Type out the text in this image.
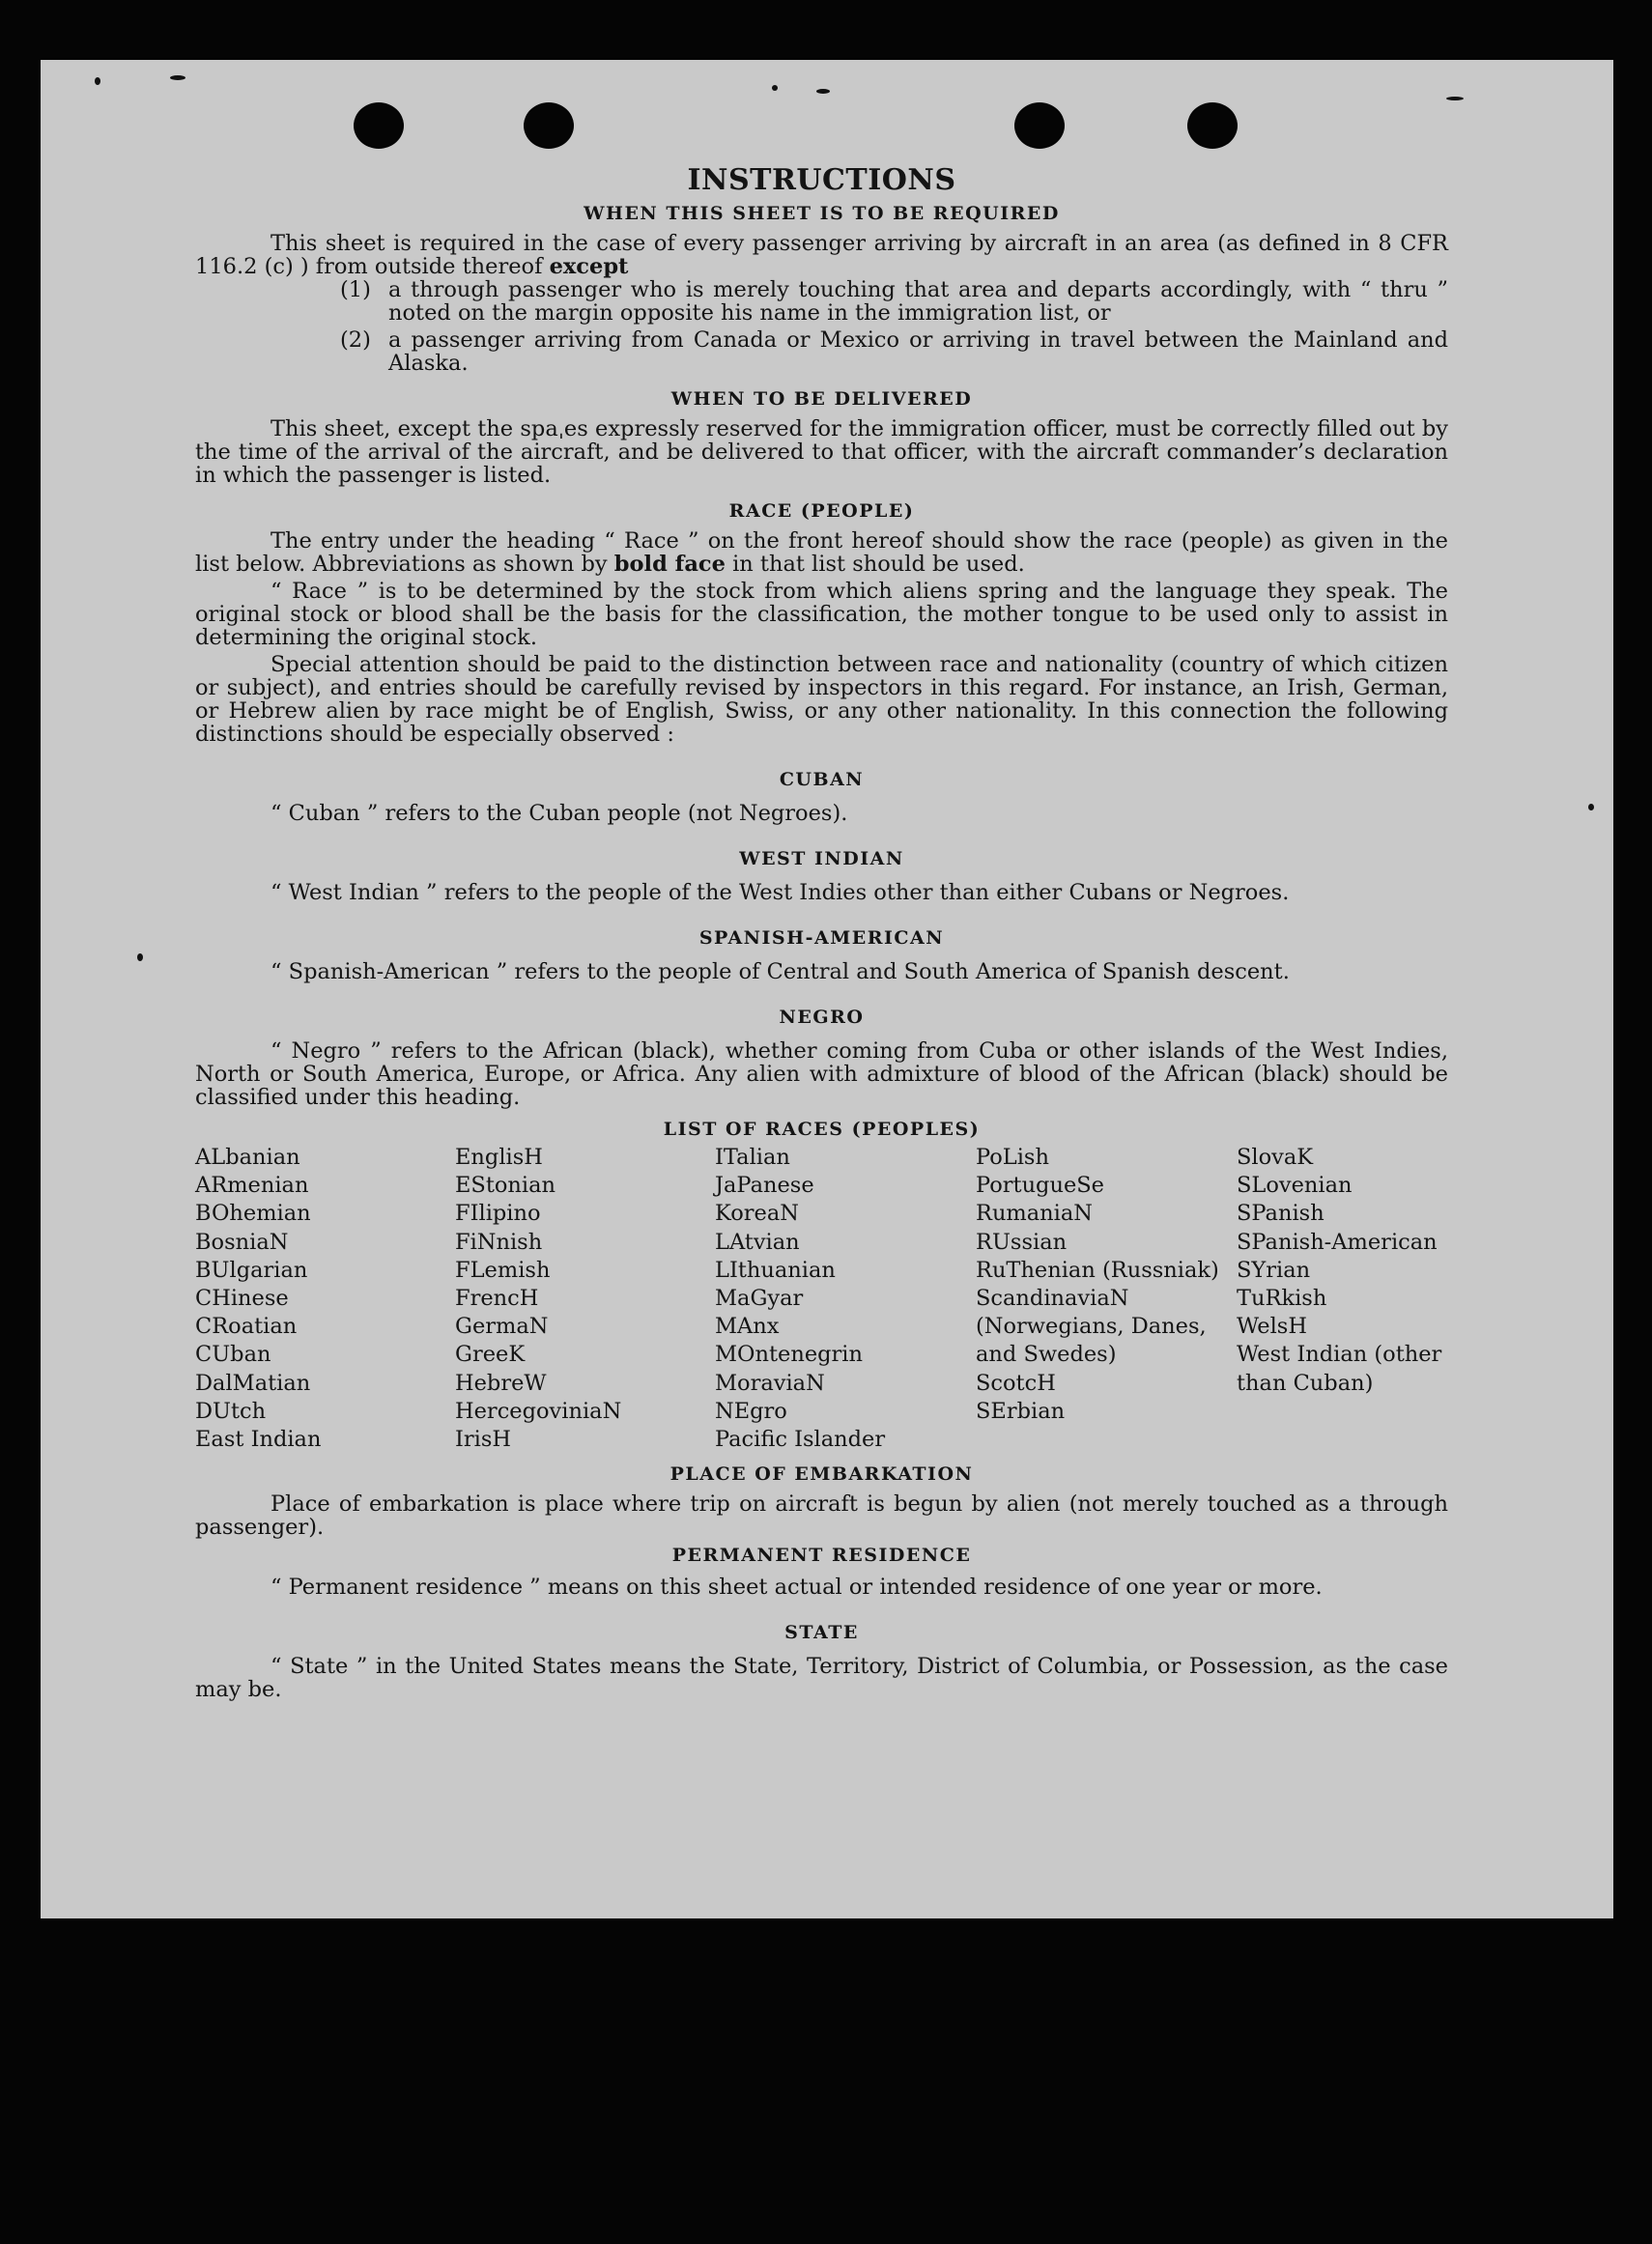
INSTRUCTIONS
WHEN THIS SHEET IS TO BE REQUIRED

This sheet is required in the case of every passenger arriving by aircraft in an area (as defined in 8 CFR 116.2 (c) ) from outside thereof except

(1) a through passenger who is merely touching that area and departs accordingly, with “ thru ” noted on the margin opposite his name in the immigration list, or
(2) a passenger arriving from Canada or Mexico or arriving in travel between the Mainland and Alaska.
WHEN TO BE DELIVERED

This sheet, except the spaˌes expressly reserved for the immigration officer, must be correctly filled out by the time of the arrival of the aircraft, and be delivered to that officer, with the aircraft commander’s declaration in which the passenger is listed.

RACE (PEOPLE)

The entry under the heading “ Race ” on the front hereof should show the race (people) as given in the list below. Abbreviations as shown by bold face in that list should be used.

“ Race ” is to be determined by the stock from which aliens spring and the language they speak. The original stock or blood shall be the basis for the classification, the mother tongue to be used only to assist in determining the original stock.

Special attention should be paid to the distinction between race and nationality (country of which citizen or subject), and entries should be carefully revised by inspectors in this regard. For instance, an Irish, German, or Hebrew alien by race might be of English, Swiss, or any other nationality. In this connection the following distinctions should be especially observed :

CUBAN

“ Cuban ” refers to the Cuban people (not Negroes).

WEST INDIAN

“ West Indian ” refers to the people of the West Indies other than either Cubans or Negroes.

SPANISH-AMERICAN

“ Spanish-American ” refers to the people of Central and South America of Spanish descent.

NEGRO

“ Negro ” refers to the African (black), whether coming from Cuba or other islands of the West Indies, North or South America, Europe, or Africa. Any alien with admixture of blood of the African (black) should be classified under this heading.

LIST OF RACES (PEOPLES)
ALbanian
ARmenian
BOhemian
BosniaN
BUlgarian
CHinese
CRoatian
CUban
DalMatian
DUtch
East Indian
EnglisH
EStonian
FIlipino
FiNnish
FLemish
FrencH
GermaN
GreeK
HebreW
HercegoviniaN
IrisH
ITalian
JaPanese
KoreaN
LAtvian
LIthuanian
MaGyar
MAnx
MOntenegrin
MoraviaN
NEgro
Pacific Islander
PoLish
PortugueSe
RumaniaN
RUssian
RuThenian (Russniak)
ScandinaviaN (Norwegians, Danes, and Swedes)
ScotcH
SErbian
SlovaK
SLovenian
SPanish
SPanish-American
SYrian
TuRkish
WelsH
West Indian (other than Cuban)
PLACE OF EMBARKATION

Place of embarkation is place where trip on aircraft is begun by alien (not merely touched as a through passenger).

PERMANENT RESIDENCE

“ Permanent residence ” means on this sheet actual or intended residence of one year or more.

STATE

“ State ” in the United States means the State, Territory, District of Columbia, or Possession, as the case may be.
